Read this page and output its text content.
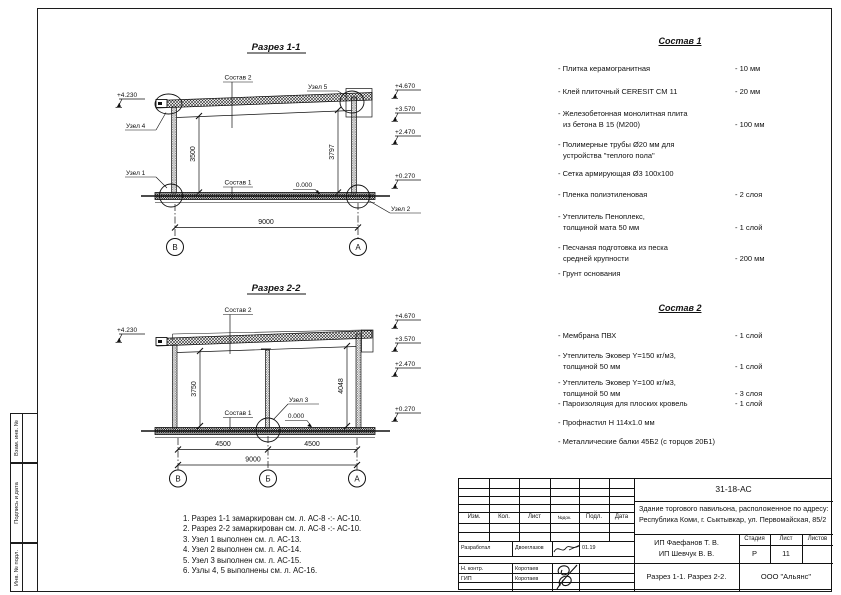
Взам. инв. №
Подпись и дата
Инв. № подл.
Разрез 1-1
3500	3797
9000
В	А
Узел 4
Узел 1
Узел 5
Узел 2
Состав 2
Состав 1	0.000
+4.230
+4.670
+3.570
+2.470
+0.270
Разрез 2-2
3750	4048
4500	4500
9000
В	Б	А
Состав 2
Состав 1
Узел 3
0.000
+4.230
+4.670
+3.570
+2.470
+0.270
Состав 1
- Плитка керамогранитная	- 10 мм
- Клей плиточный CERESIT СМ 11	- 20 мм
- Железобетонная монолитная плита
из бетона В 15 (М200)	- 100 мм
- Полимерные трубы Ø20 мм для
устройства "теплого пола"
- Сетка армирующая Ø3 100х100
- Пленка полиэтиленовая	- 2 слоя
- Утеплитель Пеноплекс,
толщиной мата 50 мм	- 1 слой
- Песчаная подготовка из песка
средней крупности	- 200 мм
- Грунт основания
Состав 2
- Мембрана ПВХ	- 1 слой
- Утеплитель Эковер Y=150 кг/м3,
толщиной 50 мм	- 1 слой
- Утеплитель Эковер Y=100 кг/м3,
толщиной 50 мм	- 3 слоя
- Пароизоляция для плоских кровель	- 1 слой
- Профнастил Н 114х1.0 мм
- Металлические балки 45Б2 (с торцов 20Б1)
1. Разрез 1-1 замаркирован см. л. АС-8 -:- АС-10.
2. Разрез 2-2 замаркирован см. л. АС-8 -:- АС-10.
3. Узел 1 выполнен см. л. АС-13.
4. Узел 2 выполнен см. л. АС-14.
5. Узел 3 выполнен см. л. АС-15.
6. Узлы 4, 5 выполнены см. л. АС-16.
Изм.	Кол.	Лист	№док.	Подл.	Дата
Разработал	Двоеглазов	01.19
Н. контр.	Коротаев
ГИП	Коротаев
31-18-АС
Здание торгового павильона, расположенное по адресу:
Республика Коми, г. Сыктывкар, ул. Первомайская, 85/2
ИП Фаефанов Т. В.
ИП Шевчук В. В.
Стадия	Лист	Листов
Р	11
Разрез 1-1. Разрез 2-2.	ООО "Альянс"
